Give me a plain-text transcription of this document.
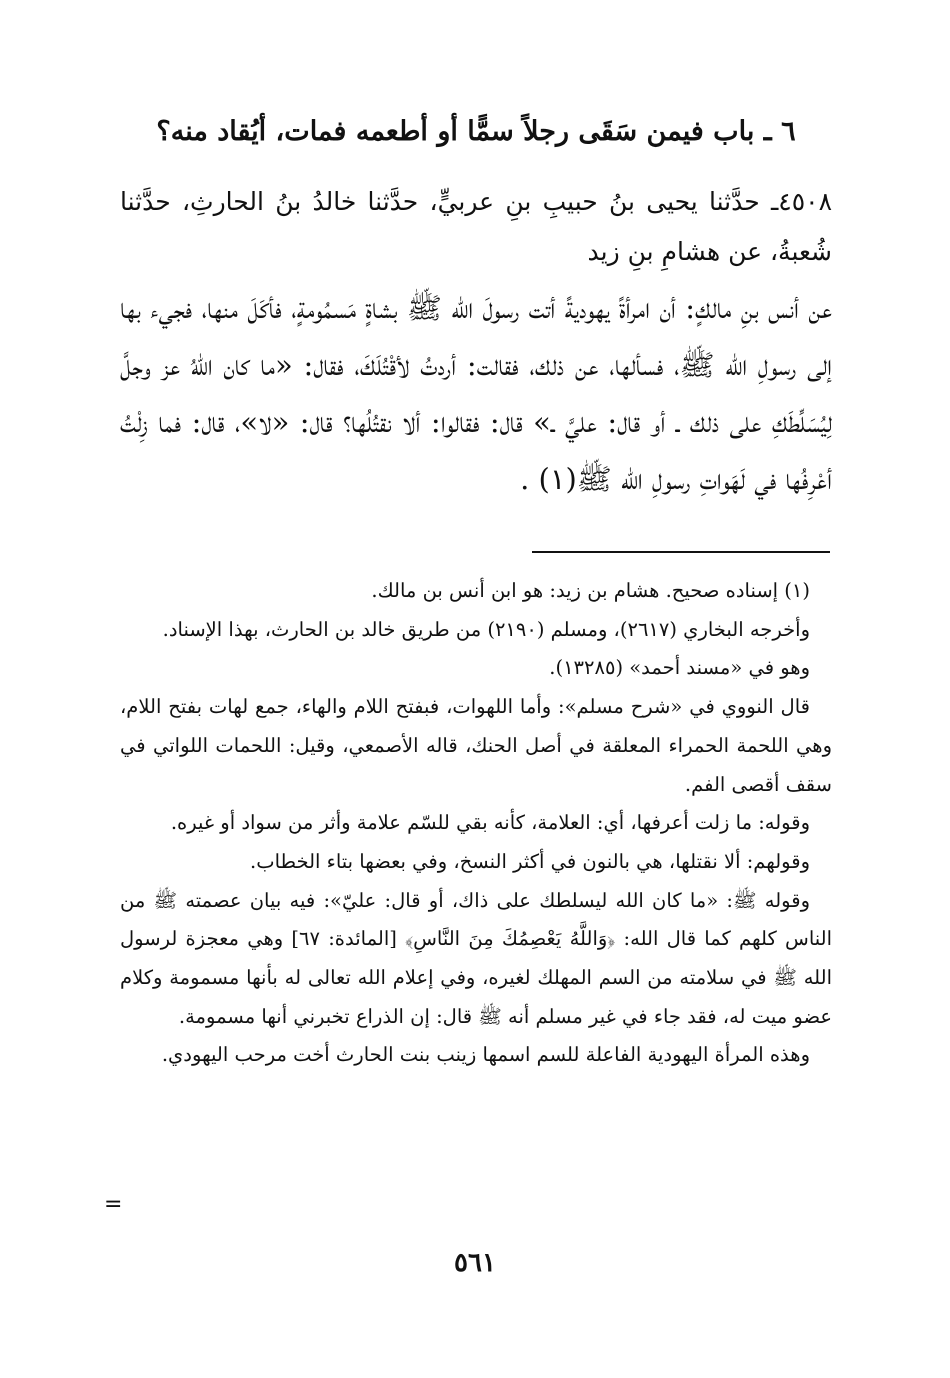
٦ ـ باب فيمن سَقَى رجلاً سمًّا أو أطعمه فمات، أيُقاد منه؟

٤٥٠٨ـ حدَّثنا يحيى بنُ حبيبِ بنِ عربيٍّ، حدَّثنا خالدُ بنُ الحارثِ، حدَّثنا شُعبةُ، عن هشامِ بنِ زيد

عن أنس بنِ مالكٍ: أن امرأةً يهوديةً أتت رسولَ الله ﷺ بشاةٍ مَسمُومةٍ، فأكَلَ منها، فجيء بها إلى رسولِ الله ﷺ، فسألها، عن ذلك، فقالت: أردتُ لأقْتُلَكَ، فقال: «ما كان اللهُ عز وجلَّ لِيُسَلِّطَكِ على ذلك ـ أو قال: عليَّ ـ» قال: فقالوا: ألا نقتُلُها؟ قال: «لا»، قال: فما زِلْتُ أعْرِفُها في لَهَواتِ رسولِ الله ﷺ(١) .

(١) إسناده صحيح. هشام بن زيد: هو ابن أنس بن مالك.

وأخرجه البخاري (٢٦١٧)، ومسلم (٢١٩٠) من طريق خالد بن الحارث، بهذا الإسناد.

وهو في «مسند أحمد» (١٣٢٨٥).

قال النووي في «شرح مسلم»: وأما اللهوات، فبفتح اللام والهاء، جمع لهات بفتح اللام، وهي اللحمة الحمراء المعلقة في أصل الحنك، قاله الأصمعي، وقيل: اللحمات اللواتي في سقف أقصى الفم.

وقوله: ما زلت أعرفها، أي: العلامة، كأنه بقي للسّم علامة وأثر من سواد أو غيره.

وقولهم: ألا نقتلها، هي بالنون في أكثر النسخ، وفي بعضها بتاء الخطاب.

وقوله ﷺ: «ما كان الله ليسلطك على ذاك، أو قال: عليّ»: فيه بيان عصمته ﷺ من الناس كلهم كما قال الله: ﴿وَاللَّهُ يَعْصِمُكَ مِنَ النَّاسِ﴾ [المائدة: ٦٧] وهي معجزة لرسول الله ﷺ في سلامته من السم المهلك لغيره، وفي إعلام الله تعالى له بأنها مسمومة وكلام عضو ميت له، فقد جاء في غير مسلم أنه ﷺ قال: إن الذراع تخبرني أنها مسمومة.

وهذه المرأة اليهودية الفاعلة للسم اسمها زينب بنت الحارث أخت مرحب اليهودي.

=
٥٦١
